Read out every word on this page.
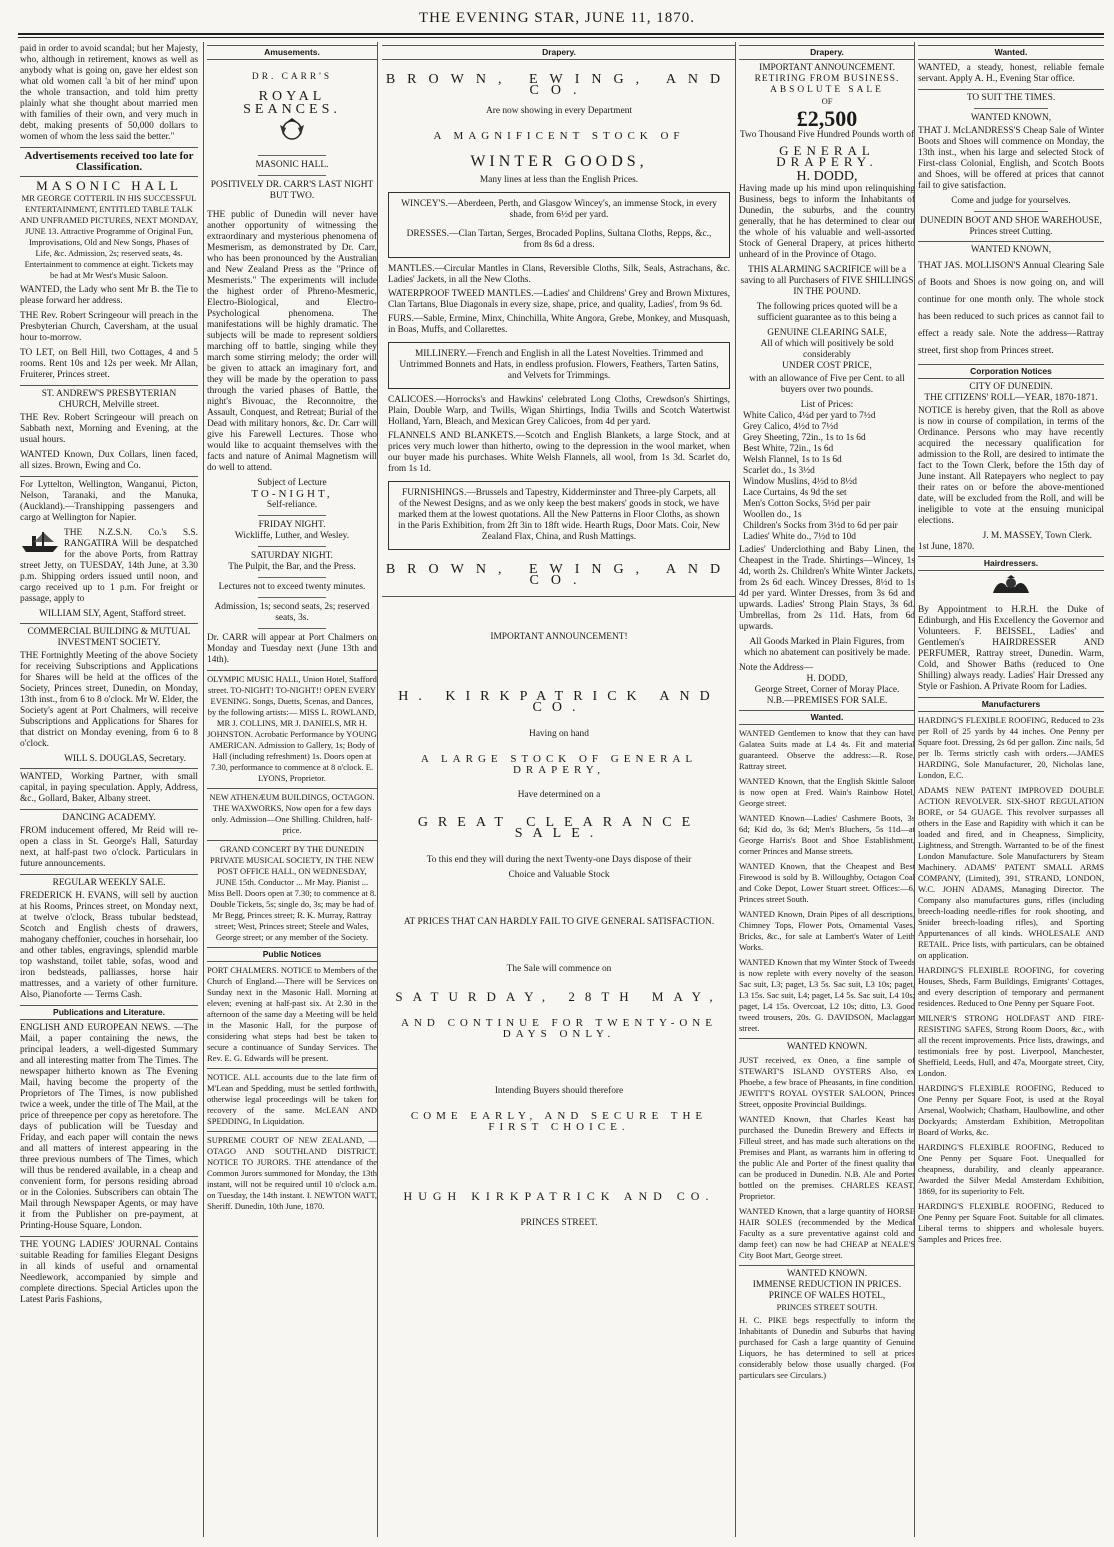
THE EVENING STAR, JUNE 11, 1870.
paid in order to avoid scandal; but her Majesty, who, although in retirement, knows as well as anybody what is going on, gave her eldest son what old women call 'a bit of her mind' upon the whole transaction, and told him pretty plainly what she thought about married men with families of their own, and very much in debt, making presents of 50,000 dollars to women of whom the less said the better."
Advertisements received too late for Classification.
MASONIC HALL
MR GEORGE COTTERIL IN HIS SUCCESSFUL ENTERTAINMENT, ENTITLED TABLE TALK AND UNFRAMED PICTURES, NEXT MONDAY, JUNE 13. Attractive Programme of Original Fun, Improvisations, Old and New Songs, Phases of Life, &c. Admission, 2s; reserved seats, 4s. Entertainment to commence at eight. Tickets may be had at Mr West's Music Saloon.
WANTED, the Lady who sent Mr B. the Tie to please forward her address.
THE Rev. Robert Scringeour will preach in the Presbyterian Church, Caversham, at the usual hour to-morrow.
TO LET, on Bell Hill, two Cottages, 4 and 5 rooms. Rent 10s and 12s per week. Mr Allan, Fruiterer, Princes street.
ST. ANDREW'S PRESBYTERIAN CHURCH, Melville street.
THE Rev. Robert Scringeour will preach on Sabbath next, Morning and Evening, at the usual hours.
WANTED Known, Dux Collars, linen faced, all sizes. Brown, Ewing and Co.
For Lyttelton, Wellington, Wanganui, Picton, Nelson, Taranaki, and the Manuka, (Auckland).—Transhipping passengers and cargo at Wellington for Napier.
THE N.Z.S.N. Co.'s S.S. RANGATIRA Will be despatched for the above Ports, from Rattray street Jetty, on TUESDAY, 14th June, at 3.30 p.m. Shipping orders issued until noon, and cargo received up to 1 p.m. For freight or passage, apply to
WILLIAM SLY, Agent, Stafford street.
COMMERCIAL BUILDING & MUTUAL INVESTMENT SOCIETY.
THE Fortnightly Meeting of the above Society for receiving Subscriptions and Applications for Shares will be held at the offices of the Society, Princes street, Dunedin, on Monday, 13th inst., from 6 to 8 o'clock. Mr W. Elder, the Society's agent at Port Chalmers, will receive Subscriptions and Applications for Shares for that district on Monday evening, from 6 to 8 o'clock.
WILL S. DOUGLAS, Secretary.
WANTED, Working Partner, with small capital, in paying speculation. Apply, Address, &c., Gollard, Baker, Albany street.
DANCING ACADEMY.
FROM inducement offered, Mr Reid will re-open a class in St. George's Hall, Saturday next, at half-past two o'clock. Particulars in future announcements.
REGULAR WEEKLY SALE.
FREDERICK H. EVANS, will sell by auction at his Rooms, Princes street, on Monday next, at twelve o'clock, Brass tubular bedstead, Scotch and English chests of drawers, mahogany cheffonier, couches in horsehair, loo and other tables, engravings, splendid marble top washstand, toilet table, sofas, wood and iron bedsteads, palliasses, horse hair mattresses, and a variety of other furniture. Also, Pianoforte — Terms Cash.
Publications and Literature.
ENGLISH AND EUROPEAN NEWS. —The Mail, a paper containing the news, the principal leaders, a well-digested Summary and all interesting matter from The Times. The newspaper hitherto known as The Evening Mail, having become the property of the Proprietors of The Times, is now published twice a week, under the title of The Mail, at the price of threepence per copy as heretofore. The days of publication will be Tuesday and Friday, and each paper will contain the news and all matters of interest appearing in the three previous numbers of The Times, which will thus be rendered available, in a cheap and convenient form, for persons residing abroad or in the Colonies. Subscribers can obtain The Mail through Newspaper Agents, or may have it from the Publisher on pre-payment, at Printing-House Square, London.
THE YOUNG LADIES' JOURNAL Contains suitable Reading for families Elegant Designs in all kinds of useful and ornamental Needlework, accompanied by simple and complete directions. Special Articles upon the Latest Paris Fashions,
Amusements.
DR. CARR'S
ROYAL SEANCES.
MASONIC HALL.
POSITIVELY DR. CARR'S LAST NIGHT BUT TWO.
THE public of Dunedin will never have another opportunity of witnessing the extraordinary and mysterious phenomena of Mesmerism, as demonstrated by Dr. Carr, who has been pronounced by the Australian and New Zealand Press as the "Prince of Mesmerists." The experiments will include the highest order of Phreno-Mesmeric, Electro-Biological, and Electro-Psychological phenomena. The manifestations will be highly dramatic. The subjects will be made to represent soldiers marching off to battle, singing while they march some stirring melody; the order will be given to attack an imaginary fort, and they will be made by the operation to pass through the varied phases of Battle, the night's Bivouac, the Reconnoitre, the Assault, Conquest, and Retreat; Burial of the Dead with military honors, &c. Dr. Carr will give his Farewell Lectures. Those who would like to acquaint themselves with the facts and nature of Animal Magnetism will do well to attend.
Subject of Lecture
TO-NIGHT,
Self-reliance.
FRIDAY NIGHT.
Wickliffe, Luther, and Wesley.
SATURDAY NIGHT.
The Pulpit, the Bar, and the Press.
Lectures not to exceed twenty minutes.
Admission, 1s; second seats, 2s; reserved seats, 3s.
Dr. CARR will appear at Port Chalmers on Monday and Tuesday next (June 13th and 14th).
OLYMPIC MUSIC HALL, Union Hotel, Stafford street. TO-NIGHT! TO-NIGHT!! OPEN EVERY EVENING. Songs, Duetts, Scenas, and Dances, by the following artists:— MISS L. ROWLAND, MR J. COLLINS, MR J. DANIELS, MR H. JOHNSTON. Acrobatic Performance by YOUNG AMERICAN. Admission to Gallery, 1s; Body of Hall (including refreshment) 1s. Doors open at 7.30, performance to commence at 8 o'clock. E. LYONS, Proprietor.
NEW ATHENÆUM BUILDINGS, OCTAGON. THE WAXWORKS, Now open for a few days only. Admission—One Shilling. Children, half-price.
GRAND CONCERT BY THE DUNEDIN PRIVATE MUSICAL SOCIETY, IN THE NEW POST OFFICE HALL, ON WEDNESDAY, JUNE 15th. Conductor ... Mr May. Pianist ... Miss Bell. Doors open at 7.30; to commence at 8. Double Tickets, 5s; single do, 3s; may be had of Mr Begg, Princes street; R. K. Murray, Rattray street; West, Princes street; Steele and Wales, George street; or any member of the Society.
Public Notices
PORT CHALMERS. NOTICE to Members of the Church of England.—There will be Services on Sunday next in the Masonic Hall. Morning at eleven; evening at half-past six. At 2.30 in the afternoon of the same day a Meeting will be held in the Masonic Hall, for the purpose of considering what steps had best be taken to secure a continuance of Sunday Services. The Rev. E. G. Edwards will be present.
NOTICE. ALL accounts due to the late firm of M'Lean and Spedding, must be settled forthwith, otherwise legal proceedings will be taken for recovery of the same. McLEAN AND SPEDDING, In Liquidation.
SUPREME COURT OF NEW ZEALAND, —OTAGO AND SOUTHLAND DISTRICT. NOTICE TO JURORS. THE attendance of the Common Jurors summoned for Monday, the 13th instant, will not be required until 10 o'clock a.m. on Tuesday, the 14th instant. I. NEWTON WATT, Sheriff. Dunedin, 10th June, 1870.
Drapery.
BROWN, EWING, AND CO.

Are now showing in every Department

A MAGNIFICENT STOCK OF
WINTER GOODS,

Many lines at less than the English Prices.

WINCEY'S.—Aberdeen, Perth, and Glasgow Wincey's, an immense Stock, in every shade, from 6½d per yard.
DRESSES.—Clan Tartan, Serges, Brocaded Poplins, Sultana Cloths, Repps, &c., from 8s 6d a dress.
MANTLES.—Circular Mantles in Clans, Reversible Cloths, Silk, Seals, Astrachans, &c. Ladies' Jackets, in all the New Cloths.
WATERPROOF TWEED MANTLES.—Ladies' and Childrens' Grey and Brown Mixtures, Clan Tartans, Blue Diagonals in every size, shape, price, and quality, Ladies', from 9s 6d.
FURS.—Sable, Ermine, Minx, Chinchilla, White Angora, Grebe, Monkey, and Musquash, in Boas, Muffs, and Collarettes.
MILLINERY.—French and English in all the Latest Novelties. Trimmed and Untrimmed Bonnets and Hats, in endless profusion. Flowers, Feathers, Tarten Satins, and Velvets for Trimmings.
CALICOES.—Horrocks's and Hawkins' celebrated Long Cloths, Crewdson's Shirtings, Plain, Double Warp, and Twills, Wigan Shirtings, India Twills and Scotch Watertwist Holland, Yarn, Bleach, and Mexican Grey Calicoes, from 4d per yard.
FLANNELS AND BLANKETS.—Scotch and English Blankets, a large Stock, and at prices very much lower than hitherto, owing to the depression in the wool market, when our buyer made his purchases. White Welsh Flannels, all wool, from 1s 3d. Scarlet do, from 1s 1d.
FURNISHINGS.—Brussels and Tapestry, Kidderminster and Three-ply Carpets, all of the Newest Designs, and as we only keep the best makers' goods in stock, we have marked them at the lowest quotations. All the New Patterns in Floor Cloths, as shown in the Paris Exhibition, from 2ft 3in to 18ft wide. Hearth Rugs, Door Mats. Coir, New Zealand Flax, China, and Rush Mattings.
BROWN, EWING, AND CO.

IMPORTANT ANNOUNCEMENT!

H. KIRKPATRICK AND CO.

Having on hand

A LARGE STOCK OF GENERAL DRAPERY,

Have determined on a

GREAT CLEARANCE SALE.

To this end they will during the next Twenty-one Days dispose of their

Choice and Valuable Stock

AT PRICES THAT CAN HARDLY FAIL TO GIVE GENERAL SATISFACTION.

The Sale will commence on

SATURDAY, 28TH MAY,
AND CONTINUE FOR TWENTY-ONE DAYS ONLY.

Intending Buyers should therefore

COME EARLY, AND SECURE THE FIRST CHOICE.
HUGH KIRKPATRICK AND CO.

PRINCES STREET.

Drapery.
IMPORTANT ANNOUNCEMENT.
RETIRING FROM BUSINESS.
ABSOLUTE SALE
OF
£2,500
Two Thousand Five Hundred Pounds worth of
GENERAL DRAPERY.
H. DODD,
Having made up his mind upon relinquishing Business, begs to inform the Inhabitants of Dunedin, the suburbs, and the country generally, that he has determined to clear out the whole of his valuable and well-assorted Stock of General Drapery, at prices hitherto unheard of in the Province of Otago.
THIS ALARMING SACRIFICE will be a saving to all Purchasers of FIVE SHILLINGS IN THE POUND.
The following prices quoted will be a sufficient guarantee as to this being a
GENUINE CLEARING SALE,
All of which will positively be sold considerably
UNDER COST PRICE,
with an allowance of Five per Cent. to all buyers over two pounds.
List of Prices:
White Calico, 4¼d per yard to 7½d
Grey Calico, 4½d to 7½d
Grey Sheeting, 72in., 1s to 1s 6d
Best White, 72in., 1s 6d
Welsh Flannel, 1s to 1s 6d
Scarlet do., 1s 3½d
Window Muslins, 4½d to 8½d
Lace Curtains, 4s 9d the set
Men's Cotton Socks, 5½d per pair
Woollen do., 1s
Children's Socks from 3½d to 6d per pair
Ladies' White do., 7½d to 10d
Ladies' Underclothing and Baby Linen, the Cheapest in the Trade. Shirtings—Wincey, 1s 4d, worth 2s. Children's White Winter Jackets, from 2s 6d each. Wincey Dresses, 8½d to 1s 4d per yard. Winter Dresses, from 3s 6d and upwards. Ladies' Strong Plain Stays, 3s 6d. Umbrellas, from 2s 11d. Hats, from 6d upwards.
All Goods Marked in Plain Figures, from which no abatement can positively be made.
Note the Address—
H. DODD,
George Street, Corner of Moray Place.
N.B.—PREMISES FOR SALE.
Wanted.
WANTED Gentlemen to know that they can have Galatea Suits made at L4 4s. Fit and material guaranteed. Observe the address:—R. Rose, Rattray street.
WANTED Known, that the English Skittle Saloon is now open at Fred. Wain's Rainbow Hotel, George street.
WANTED Known—Ladies' Cashmere Boots, 3s 6d; Kid do, 3s 6d; Men's Bluchers, 5s 11d—at George Harris's Boot and Shoe Establishment, corner Princes and Manse streets.
WANTED Known, that the Cheapest and Best Firewood is sold by B. Willoughby, Octagon Coal and Coke Depot, Lower Stuart street. Offices:—6, Princes street South.
WANTED Known, Drain Pipes of all descriptions, Chimney Tops, Flower Pots, Ornamental Vases, Bricks, &c., for sale at Lambert's Water of Leith Works.
WANTED Known that my Winter Stock of Tweeds is now replete with every novelty of the season. Sac suit, L3; paget, L3 5s. Sac suit, L3 10s; paget, L3 15s. Sac suit, L4; paget, L4 5s. Sac suit, L4 10s; paget, L4 15s. Overcoat, L2 10s; ditto, L3. Good tweed trousers, 20s. G. DAVIDSON, Maclaggan street.
WANTED KNOWN.
JUST received, ex Oneo, a fine sample of STEWART'S ISLAND OYSTERS Also, ex Phoebe, a few brace of Pheasants, in fine condition. JEWITT'S ROYAL OYSTER SALOON, Princes Street, opposite Provincial Buildings.
WANTED Known, that Charles Keast has purchased the Dunedin Brewery and Effects in Filleul street, and has made such alterations on the Premises and Plant, as warrants him in offering to the public Ale and Porter of the finest quality that can be produced in Dunedin. N.B. Ale and Porter bottled on the premises. CHARLES KEAST, Proprietor.
WANTED Known, that a large quantity of HORSE HAIR SOLES (recommended by the Medical Faculty as a sure preventative against cold and damp feet) can now be had CHEAP at NEALE'S City Boot Mart, George street.
WANTED KNOWN.
IMMENSE REDUCTION IN PRICES.
PRINCE OF WALES HOTEL,
PRINCES STREET SOUTH.
H. C. PIKE begs respectfully to inform the Inhabitants of Dunedin and Suburbs that having purchased for Cash a large quantity of Genuine Liquors, he has determined to sell at prices considerably below those usually charged. (For particulars see Circulars.)
Wanted.
WANTED, a steady, honest, reliable female servant. Apply A. H., Evening Star office.
TO SUIT THE TIMES.
WANTED KNOWN,
THAT J. McLANDRESS'S Cheap Sale of Winter Boots and Shoes will commence on Monday, the 13th inst., when his large and selected Stock of First-class Colonial, English, and Scotch Boots and Shoes, will be offered at prices that cannot fail to give satisfaction.
Come and judge for yourselves.
DUNEDIN BOOT AND SHOE WAREHOUSE, Princes street Cutting.
WANTED KNOWN,
THAT JAS. MOLLISON'S Annual Clearing Sale of Boots and Shoes is now going on, and will continue for one month only. The whole stock has been reduced to such prices as cannot fail to effect a ready sale. Note the address—Rattray street, first shop from Princes street.
Corporation Notices
CITY OF DUNEDIN.
THE CITIZENS' ROLL—YEAR, 1870-1871.
NOTICE is hereby given, that the Roll as above is now in course of compilation, in terms of the Ordinance. Persons who may have recently acquired the necessary qualification for admission to the Roll, are desired to intimate the fact to the Town Clerk, before the 15th day of June instant. All Ratepayers who neglect to pay their rates on or before the above-mentioned date, will be excluded from the Roll, and will be ineligible to vote at the ensuing municipal elections.
J. M. MASSEY, Town Clerk.
1st June, 1870.
Hairdressers.
By Appointment to H.R.H. the Duke of Edinburgh, and His Excellency the Governor and Volunteers. F. BEISSEL, Ladies' and Gentlemen's HAIRDRESSER AND PERFUMER, Rattray street, Dunedin. Warm, Cold, and Shower Baths (reduced to One Shilling) always ready. Ladies' Hair Dressed any Style or Fashion. A Private Room for Ladies.
Manufacturers
HARDING'S FLEXIBLE ROOFING, Reduced to 23s per Roll of 25 yards by 44 inches. One Penny per Square foot. Dressing, 2s 6d per gallon. Zinc nails, 5d per lb. Terms strictly cash with orders.—JAMES HARDING, Sole Manufacturer, 20, Nicholas lane, London, E.C.
ADAMS NEW PATENT IMPROVED DOUBLE ACTION REVOLVER. SIX-SHOT REGULATION BORE, or 54 GUAGE. This revolver surpasses all others in the Ease and Rapidity with which it can be loaded and fired, and in Cheapness, Simplicity, Lightness, and Strength. Warranted to be of the finest London Manufacture. Sole Manufacturers by Steam Machinery. ADAMS' PATENT SMALL ARMS COMPANY, (Limited), 391, STRAND, LONDON, W.C. JOHN ADAMS, Managing Director. The Company also manufactures guns, rifles (including breech-loading needle-rifles for rook shooting, and Snider breech-loading rifles), and Sporting Appurtenances of all kinds. WHOLESALE AND RETAIL. Price lists, with particulars, can be obtained on application.
HARDING'S FLEXIBLE ROOFING, for covering Houses, Sheds, Farm Buildings, Emigrants' Cottages, and every description of temporary and permanent residences. Reduced to One Penny per Square Foot.
MILNER'S STRONG HOLDFAST AND FIRE-RESISTING SAFES, Strong Room Doors, &c., with all the recent improvements. Price lists, drawings, and testimonials free by post. Liverpool, Manchester, Sheffield, Leeds, Hull, and 47a, Moorgate street, City, London.
HARDING'S FLEXIBLE ROOFING, Reduced to One Penny per Square Foot, is used at the Royal Arsenal, Woolwich; Chatham, Haulbowline, and other Dockyards; Amsterdam Exhibition, Metropolitan Board of Works, &c.
HARDING'S FLEXIBLE ROOFING, Reduced to One Penny per Square Foot. Unequalled for cheapness, durability, and cleanly appearance. Awarded the Silver Medal Amsterdam Exhibition, 1869, for its superiority to Felt.
HARDING'S FLEXIBLE ROOFING, Reduced to One Penny per Square Foot. Suitable for all climates. Liberal terms to shippers and wholesale buyers. Samples and Prices free.
